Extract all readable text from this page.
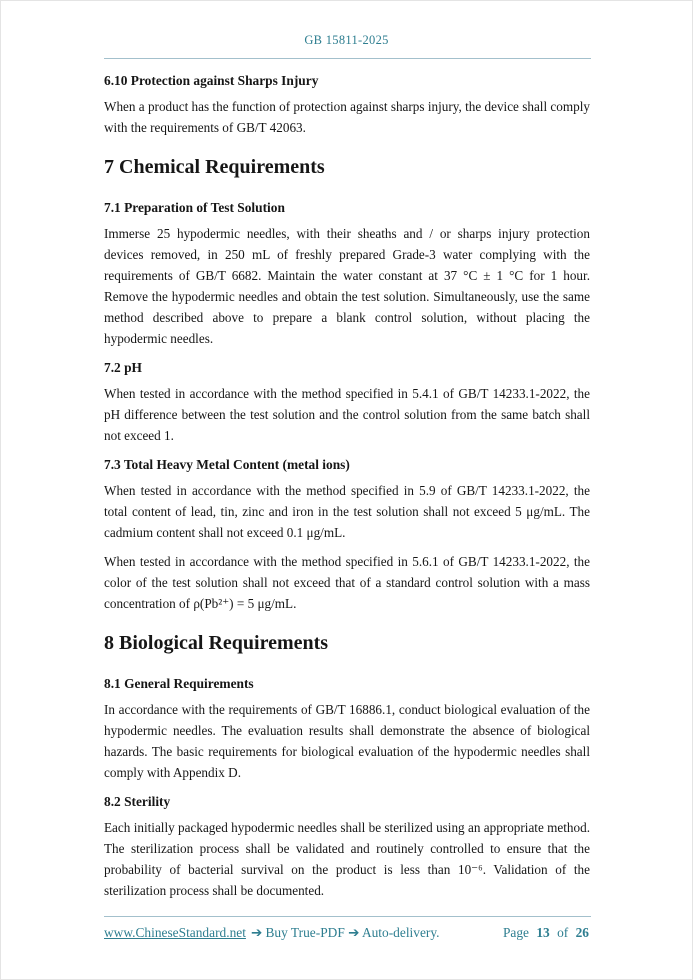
GB 15811-2025
6.10 Protection against Sharps Injury

When a product has the function of protection against sharps injury, the device shall comply with the requirements of GB/T 42063.

7 Chemical Requirements
7.1 Preparation of Test Solution

Immerse 25 hypodermic needles, with their sheaths and / or sharps injury protection devices removed, in 250 mL of freshly prepared Grade-3 water complying with the requirements of GB/T 6682. Maintain the water constant at 37 °C ± 1 °C for 1 hour. Remove the hypodermic needles and obtain the test solution. Simultaneously, use the same method described above to prepare a blank control solution, without placing the hypodermic needles.

7.2 pH

When tested in accordance with the method specified in 5.4.1 of GB/T 14233.1-2022, the pH difference between the test solution and the control solution from the same batch shall not exceed 1.

7.3 Total Heavy Metal Content (metal ions)

When tested in accordance with the method specified in 5.9 of GB/T 14233.1-2022, the total content of lead, tin, zinc and iron in the test solution shall not exceed 5 μg/mL. The cadmium content shall not exceed 0.1 μg/mL.

When tested in accordance with the method specified in 5.6.1 of GB/T 14233.1-2022, the color of the test solution shall not exceed that of a standard control solution with a mass concentration of ρ(Pb²⁺) = 5 μg/mL.

8 Biological Requirements
8.1 General Requirements

In accordance with the requirements of GB/T 16886.1, conduct biological evaluation of the hypodermic needles. The evaluation results shall demonstrate the absence of biological hazards. The basic requirements for biological evaluation of the hypodermic needles shall comply with Appendix D.

8.2 Sterility

Each initially packaged hypodermic needles shall be sterilized using an appropriate method. The sterilization process shall be validated and routinely controlled to ensure that the probability of bacterial survival on the product is less than 10⁻⁶. Validation of the sterilization process shall be documented.

www.ChineseStandard.net ➔ Buy True-PDF ➔ Auto-delivery.	Page 13 of 26
